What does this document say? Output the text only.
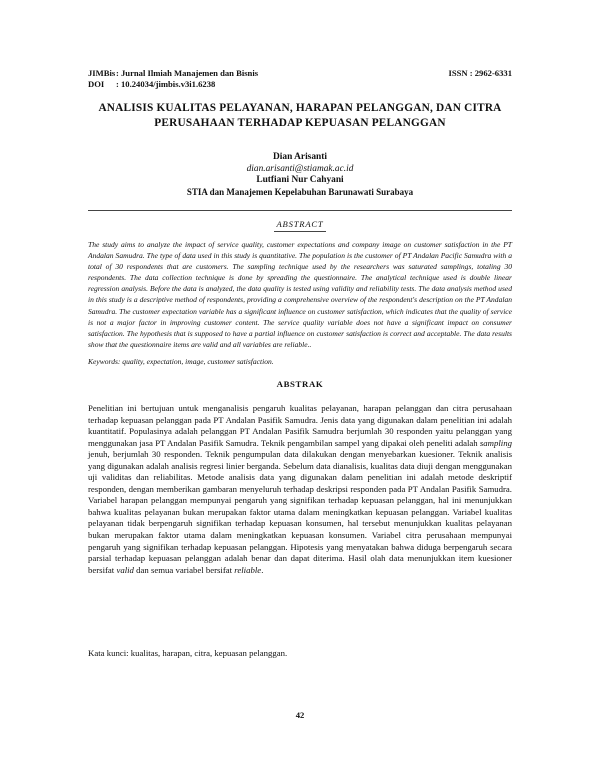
JIMBis : Jurnal Ilmiah Manajemen dan Bisnis
DOI	: 10.24034/jimbis.v3i1.6238
ISSN : 2962-6331
ANALISIS KUALITAS PELAYANAN, HARAPAN PELANGGAN, DAN CITRA
PERUSAHAAN TERHADAP KEPUASAN PELANGGAN
Dian Arisanti
dian.arisanti@stiamak.ac.id
Lutfiani Nur Cahyani
STIA dan Manajemen Kepelabuhan Barunawati Surabaya
ABSTRACT
The study aims to analyze the impact of service quality, customer expectations and company image on customer satisfaction in the PT Andalan Samudra. The type of data used in this study is quantitative. The population is the customer of PT Andalan Pacific Samudra with a total of 30 respondents that are customers. The sampling technique used by the researchers was saturated samplings, totaling 30 respondents. The data collection technique is done by spreading the questionnaire. The analytical technique used is double linear regression analysis. Before the data is analyzed, the data quality is tested using validity and reliability tests. The data analysis method used in this study is a descriptive method of respondents, providing a comprehensive overview of the respondent's description on the PT Andalan Samudra. The customer expectation variable has a significant influence on customer satisfaction, which indicates that the quality of service is not a major factor in improving customer content. The service quality variable does not have a significant impact on consumer satisfaction. The hypothesis that is supposed to have a partial influence on customer satisfaction is correct and acceptable. The data results show that the questionnaire items are valid and all variables are reliable..
Keywords: quality, expectation, image, customer satisfaction.
ABSTRAK
Penelitian ini bertujuan untuk menganalisis pengaruh kualitas pelayanan, harapan pelanggan dan citra perusahaan terhadap kepuasan pelanggan pada PT Andalan Pasifik Samudra. Jenis data yang digunakan dalam penelitian ini adalah kuantitatif. Populasinya adalah pelanggan PT Andalan Pasifik Samudra berjumlah 30 responden yaitu pelanggan yang menggunakan jasa PT Andalan Pasifik Samudra. Teknik pengambilan sampel yang dipakai oleh peneliti adalah sampling jenuh, berjumlah 30 responden. Teknik pengumpulan data dilakukan dengan menyebarkan kuesioner. Teknik analisis yang digunakan adalah analisis regresi linier berganda. Sebelum data dianalisis, kualitas data diuji dengan menggunakan uji validitas dan reliabilitas. Metode analisis data yang digunakan dalam penelitian ini adalah metode deskriptif responden, dengan memberikan gambaran menyeluruh terhadap deskripsi responden pada PT Andalan Pasifik Samudra. Variabel harapan pelanggan mempunyai pengaruh yang signifikan terhadap kepuasan pelanggan, hal ini menunjukkan bahwa kualitas pelayanan bukan merupakan faktor utama dalam meningkatkan kepuasan pelanggan. Variabel kualitas pelayanan tidak berpengaruh signifikan terhadap kepuasan konsumen, hal tersebut menunjukkan kualitas pelayanan bukan merupakan faktor utama dalam meningkatkan kepuasan konsumen. Variabel citra perusahaan mempunyai pengaruh yang signifikan terhadap kepuasan pelanggan. Hipotesis yang menyatakan bahwa diduga berpengaruh secara parsial terhadap kepuasan pelanggan adalah benar dan dapat diterima. Hasil olah data menunjukkan item kuesioner bersifat valid dan semua variabel bersifat reliable.
Kata kunci: kualitas, harapan, citra, kepuasan pelanggan.
42
